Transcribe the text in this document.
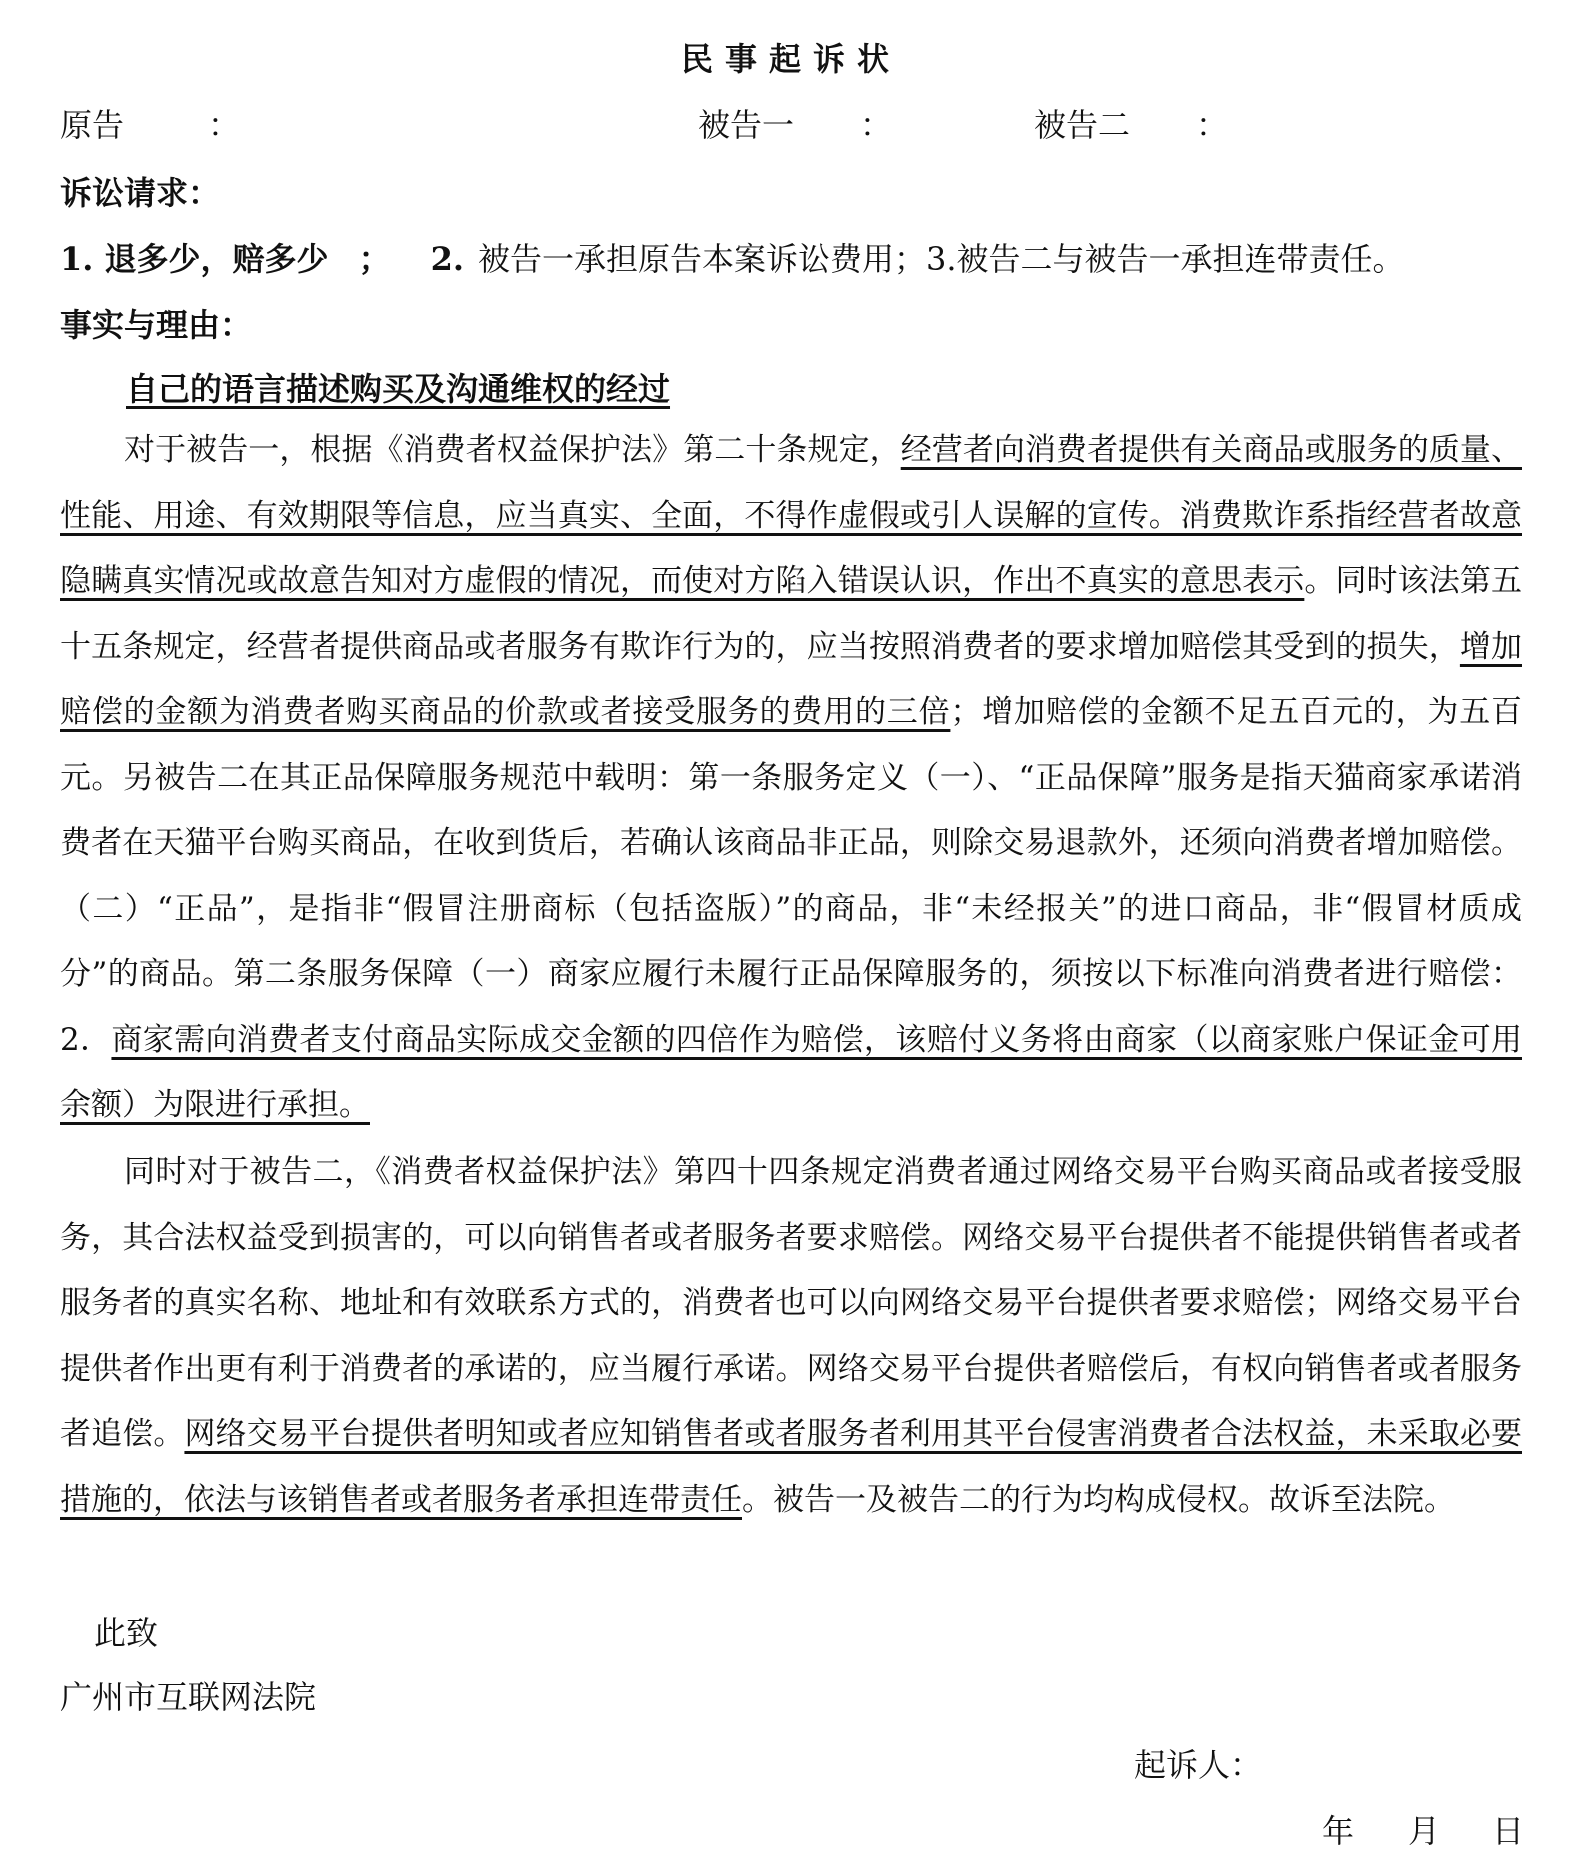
民事起诉状
原告	：	被告一 ：	被告二 ：
诉讼请求：
1. 退多少，赔多少 ； 2. 被告一承担原告本案诉讼费用；3.被告二与被告一承担连带责任。
事实与理由：
自己的语言描述购买及沟通维权的经过

对于被告一，根据《消费者权益保护法》第二十条规定，经营者向消费者提供有关商品或服务的质量、性能、用途、有效期限等信息，应当真实、全面，不得作虚假或引人误解的宣传。消费欺诈系指经营者故意隐瞒真实情况或故意告知对方虚假的情况，而使对方陷入错误认识，作出不真实的意思表示。同时该法第五十五条规定，经营者提供商品或者服务有欺诈行为的，应当按照消费者的要求增加赔偿其受到的损失，增加赔偿的金额为消费者购买商品的价款或者接受服务的费用的三倍；增加赔偿的金额不足五百元的，为五百元。另被告二在其正品保障服务规范中载明：第一条服务定义（一）、“正品保障”服务是指天猫商家承诺消费者在天猫平台购买商品，在收到货后，若确认该商品非正品，则除交易退款外，还须向消费者增加赔偿。（二）“正品”，是指非“假冒注册商标（包括盗版）”的商品，非“未经报关”的进口商品，非“假冒材质成分”的商品。第二条服务保障（一）商家应履行未履行正品保障服务的，须按以下标准向消费者进行赔偿：2．商家需向消费者支付商品实际成交金额的四倍作为赔偿，该赔付义务将由商家（以商家账户保证金可用余额）为限进行承担。

同时对于被告二，《消费者权益保护法》第四十四条规定消费者通过网络交易平台购买商品或者接受服务，其合法权益受到损害的，可以向销售者或者服务者要求赔偿。网络交易平台提供者不能提供销售者或者服务者的真实名称、地址和有效联系方式的，消费者也可以向网络交易平台提供者要求赔偿；网络交易平台提供者作出更有利于消费者的承诺的，应当履行承诺。网络交易平台提供者赔偿后，有权向销售者或者服务者追偿。网络交易平台提供者明知或者应知销售者或者服务者利用其平台侵害消费者合法权益，未采取必要措施的，依法与该销售者或者服务者承担连带责任。被告一及被告二的行为均构成侵权。故诉至法院。

此致
广州市互联网法院
起诉人：
年 月 日
